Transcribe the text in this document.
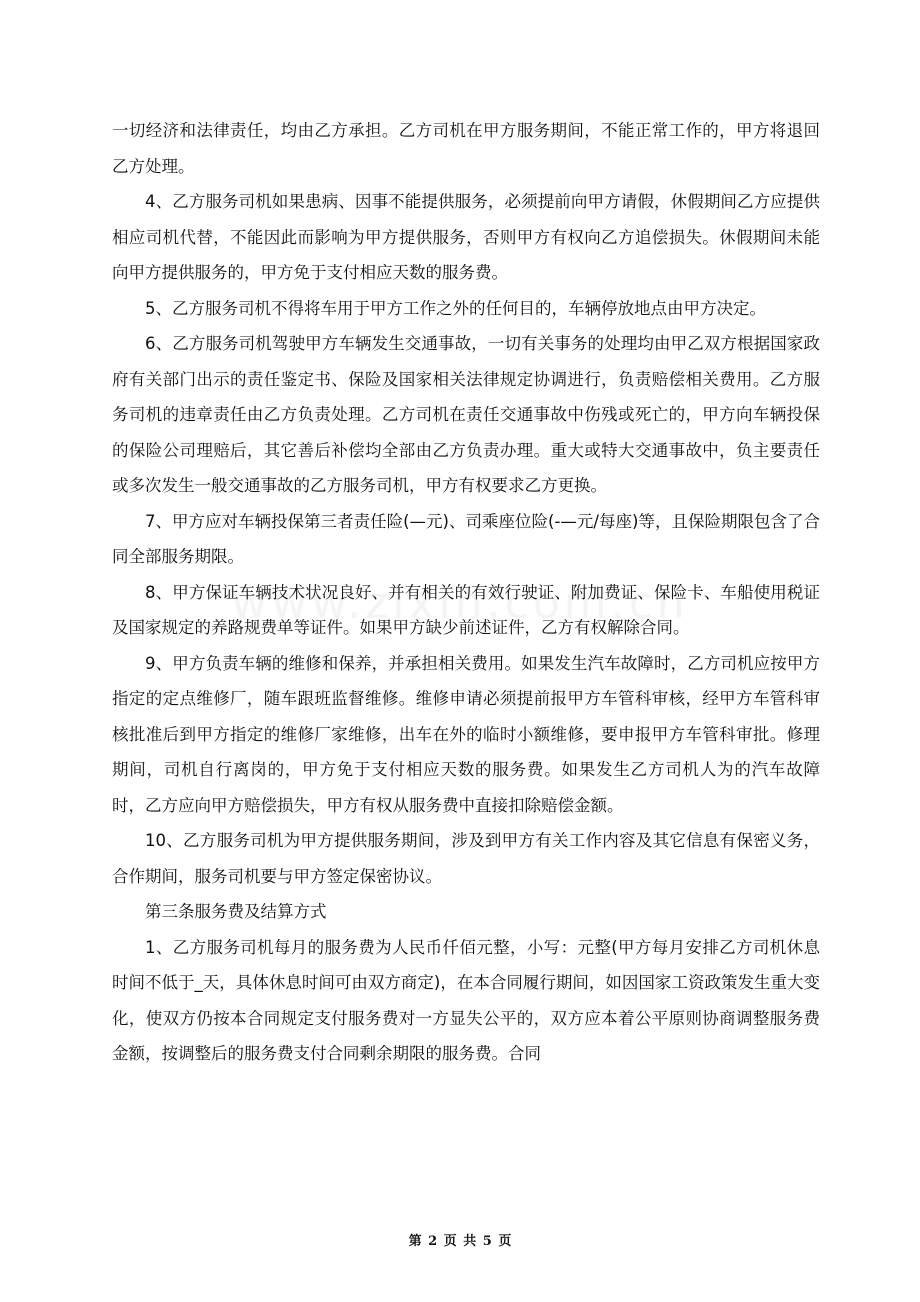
一切经济和法律责任，均由乙方承担。乙方司机在甲方服务期间，不能正常工作的，甲方将退回乙方处理。

4、乙方服务司机如果患病、因事不能提供服务，必须提前向甲方请假，休假期间乙方应提供相应司机代替，不能因此而影响为甲方提供服务，否则甲方有权向乙方追偿损失。休假期间未能向甲方提供服务的，甲方免于支付相应天数的服务费。

5、乙方服务司机不得将车用于甲方工作之外的任何目的，车辆停放地点由甲方决定。

6、乙方服务司机驾驶甲方车辆发生交通事故，一切有关事务的处理均由甲乙双方根据国家政府有关部门出示的责任鉴定书、保险及国家相关法律规定协调进行，负责赔偿相关费用。乙方服务司机的违章责任由乙方负责处理。乙方司机在责任交通事故中伤残或死亡的，甲方向车辆投保的保险公司理赔后，其它善后补偿均全部由乙方负责办理。重大或特大交通事故中，负主要责任或多次发生一般交通事故的乙方服务司机，甲方有权要求乙方更换。

7、甲方应对车辆投保第三者责任险(—元)、司乘座位险(-—元/每座)等，且保险期限包含了合同全部服务期限。

8、甲方保证车辆技术状况良好、并有相关的有效行驶证、附加费证、保险卡、车船使用税证及国家规定的养路规费单等证件。如果甲方缺少前述证件，乙方有权解除合同。

9、甲方负责车辆的维修和保养，并承担相关费用。如果发生汽车故障时，乙方司机应按甲方指定的定点维修厂，随车跟班监督维修。维修申请必须提前报甲方车管科审核，经甲方车管科审核批准后到甲方指定的维修厂家维修，出车在外的临时小额维修，要申报甲方车管科审批。修理期间，司机自行离岗的，甲方免于支付相应天数的服务费。如果发生乙方司机人为的汽车故障时，乙方应向甲方赔偿损失，甲方有权从服务费中直接扣除赔偿金额。

10、乙方服务司机为甲方提供服务期间，涉及到甲方有关工作内容及其它信息有保密义务，合作期间，服务司机要与甲方签定保密协议。

第三条服务费及结算方式

1、乙方服务司机每月的服务费为人民币仟佰元整，小写：元整(甲方每月安排乙方司机休息时间不低于_天，具体休息时间可由双方商定)，在本合同履行期间，如因国家工资政策发生重大变化，使双方仍按本合同规定支付服务费对一方显失公平的，双方应本着公平原则协商调整服务费金额，按调整后的服务费支付合同剩余期限的服务费。合同

第 2 页 共 5 页
